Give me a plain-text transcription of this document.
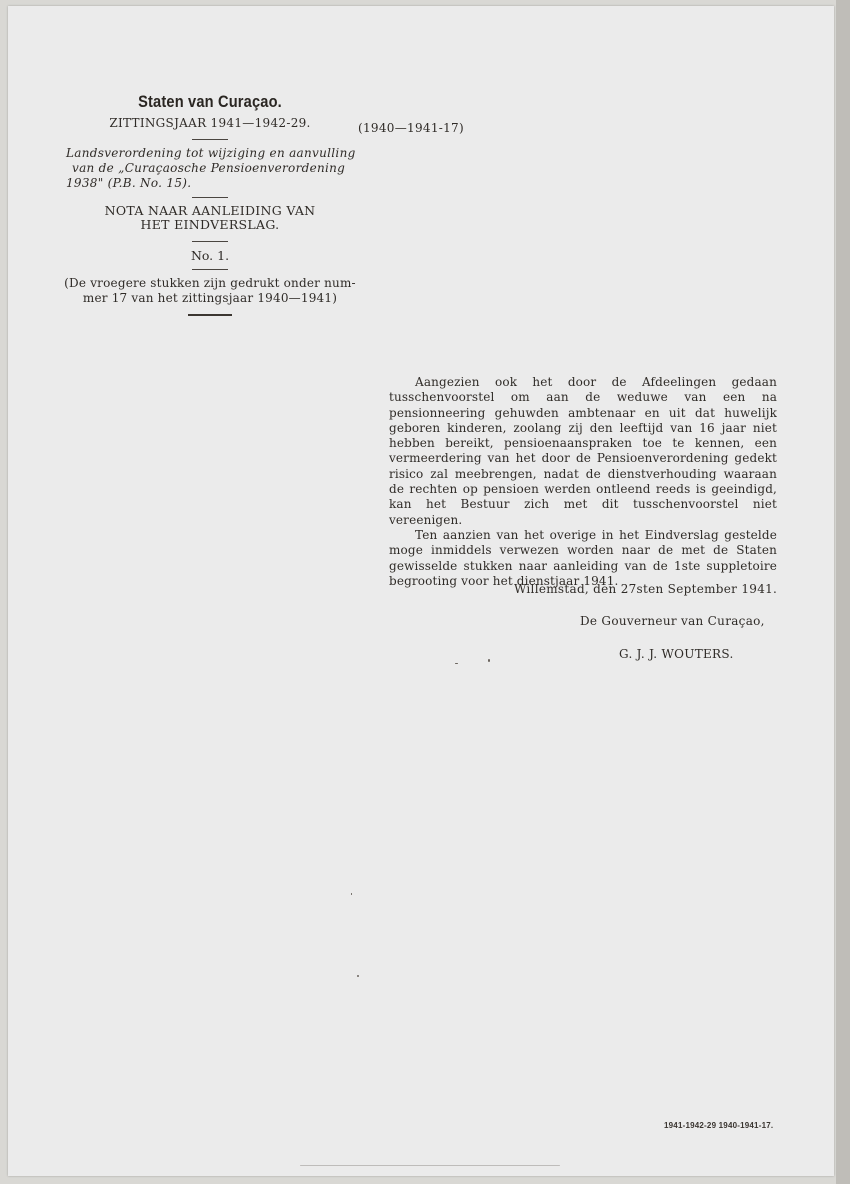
Staten van Curaçao.
ZITTINGSJAAR 1941—1942-29.
Landsverordening tot wijziging en aanvulling
van de „Curaçaosche Pensioenverordening
1938" (P.B. No. 15).
NOTA NAAR AANLEIDING VAN
HET EINDVERSLAG.
No. 1.
(De vroegere stukken zijn gedrukt onder num-
mer 17 van het zittingsjaar 1940—1941)
(1940—1941-17)

Aangezien ook het door de Afdeelingen gedaan tusschenvoorstel om aan de weduwe van een na pensionneering gehuwden ambtenaar en uit dat huwelijk geboren kinderen, zoolang zij den leeftijd van 16 jaar niet hebben bereikt, pensioenaanspraken toe te kennen, een vermeerdering van het door de Pensioenverordening gedekt risico zal meebrengen, nadat de dienstverhouding waaraan de rechten op pensioen werden ontleend reeds is geeindigd, kan het Bestuur zich met dit tusschenvoorstel niet vereenigen.

Ten aanzien van het overige in het Eindverslag gestelde moge inmiddels verwezen worden naar de met de Staten gewisselde stukken naar aanleiding van de 1ste suppletoire begrooting voor het dienstjaar 1941.

Willemstad, den 27sten September 1941.
De Gouverneur van Curaçao,
G. J. J. WOUTERS.
1941-1942-29 1940-1941-17.
